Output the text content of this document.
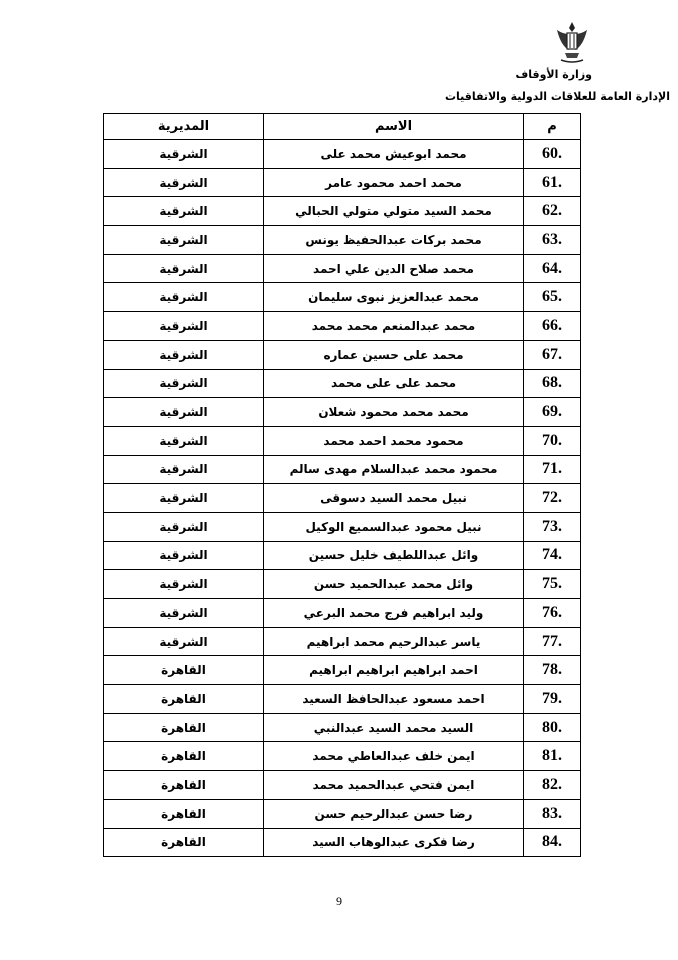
وزارة الأوقاف
الإدارة العامة للعلاقات الدولية والاتفاقيات
م	الاسم	المديرية
60.	محمد ابوعيش محمد على	الشرقية
61.	محمد احمد محمود عامر	الشرقية
62.	محمد السيد متولي متولي الحبالي	الشرقية
63.	محمد بركات عبدالحفيظ يونس	الشرقية
64.	محمد صلاح الدين علي احمد	الشرقية
65.	محمد عبدالعزيز نبوى سليمان	الشرقية
66.	محمد عبدالمنعم محمد محمد	الشرقية
67.	محمد على حسين عماره	الشرقية
68.	محمد على على محمد	الشرقية
69.	محمد محمد محمود شعلان	الشرقية
70.	محمود محمد احمد محمد	الشرقية
71.	محمود محمد عبدالسلام مهدى سالم	الشرقية
72.	نبيل محمد السيد دسوقى	الشرقية
73.	نبيل محمود عبدالسميع الوكيل	الشرقية
74.	وائل عبداللطيف خليل حسين	الشرقية
75.	وائل محمد عبدالحميد حسن	الشرقية
76.	وليد ابراهيم فرج محمد البرعي	الشرقية
77.	ياسر عبدالرحيم محمد ابراهيم	الشرقية
78.	احمد ابراهيم ابراهيم ابراهيم	القاهرة
79.	احمد مسعود عبدالحافظ السعيد	القاهرة
80.	السيد محمد السيد عبدالنبي	القاهرة
81.	ايمن خلف عبدالعاطي محمد	القاهرة
82.	ايمن فتحي عبدالحميد محمد	القاهرة
83.	رضا حسن عبدالرحيم حسن	القاهرة
84.	رضا فكرى عبدالوهاب السيد	القاهرة
9
